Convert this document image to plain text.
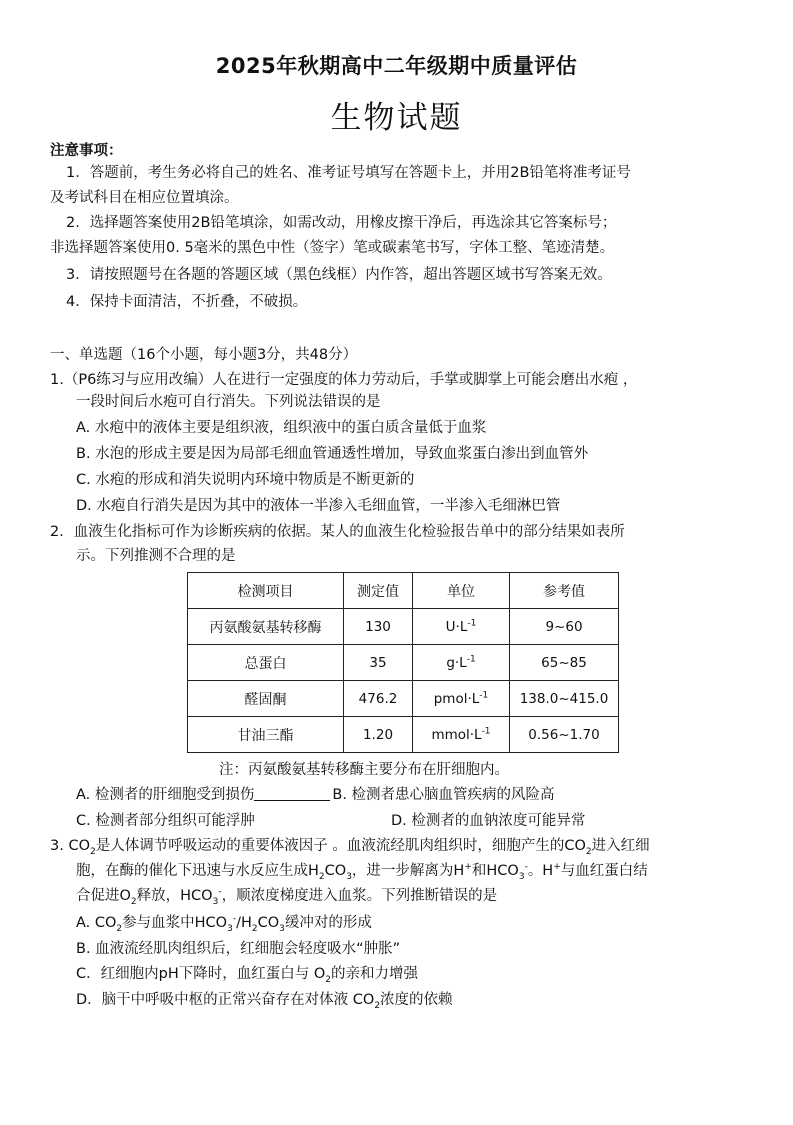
2025年秋期高中二年级期中质量评估
生物试题
注意事项：
1．答题前，考生务必将自己的姓名、准考证号填写在答题卡上，并用2B铅笔将准考证号
及考试科目在相应位置填涂。
2．选择题答案使用2B铅笔填涂，如需改动，用橡皮擦干净后，再选涂其它答案标号；
非选择题答案使用0. 5毫米的黑色中性（签字）笔或碳素笔书写，字体工整、笔迹清楚。
3．请按照题号在各题的答题区域（黑色线框）内作答，超出答题区域书写答案无效。
4．保持卡面清洁，不折叠，不破损。
一、单选题（16个小题，每小题3分，共48分）
1.（P6练习与应用改编）人在进行一定强度的体力劳动后，手掌或脚掌上可能会磨出水疱 ，
一段时间后水疱可自行消失。下列说法错误的是
A. 水疱中的液体主要是组织液，组织液中的蛋白质含量低于血浆
B. 水泡的形成主要是因为局部毛细血管通透性增加，导致血浆蛋白渗出到血管外
C. 水疱的形成和消失说明内环境中物质是不断更新的
D. 水疱自行消失是因为其中的液体一半渗入毛细血管，一半渗入毛细淋巴管
2．血液生化指标可作为诊断疾病的依据。某人的血液生化检验报告单中的部分结果如表所
示。下列推测不合理的是
检测项目	测定值	单位	参考值
丙氨酸氨基转移酶	130	$U\cdot L^{-1}$	9~60
总蛋白	35	$g\cdot L^{-1}$	65~85
醛固酮	476.2	$pmol\cdot L^{-1}$	138.0~415.0
甘油三酯	1.20	$mmol\cdot L^{-1}$	0.56~1.70
注：丙氨酸氨基转移酶主要分布在肝细胞内。
A. 检测者的肝细胞受到损伤	B. 检测者患心脑血管疾病的风险高
C. 检测者部分组织可能浮肿	D. 检测者的血钠浓度可能异常
3. $CO_2$是人体调节呼吸运动的重要体液因子 。血液流经肌肉组织时，细胞产生的$CO_2$进入红细
胞，在酶的催化下迅速与水反应生成$H_2CO_3$，进一步解离为H+和$HCO_3^-$。H+与血红蛋白结
合促进$O_2$释放，$HCO_3^-$，顺浓度梯度进入血浆。下列推断错误的是
A. $CO_2$参与血浆中$HCO_3^-/H_2CO_3$缓冲对的形成
B. 血液流经肌肉组织后，红细胞会轻度吸水“肿胀”
C．红细胞内pH下降时，血红蛋白与 $O_2$的亲和力增强
D．脑干中呼吸中枢的正常兴奋存在对体液 $CO_2$浓度的依赖
